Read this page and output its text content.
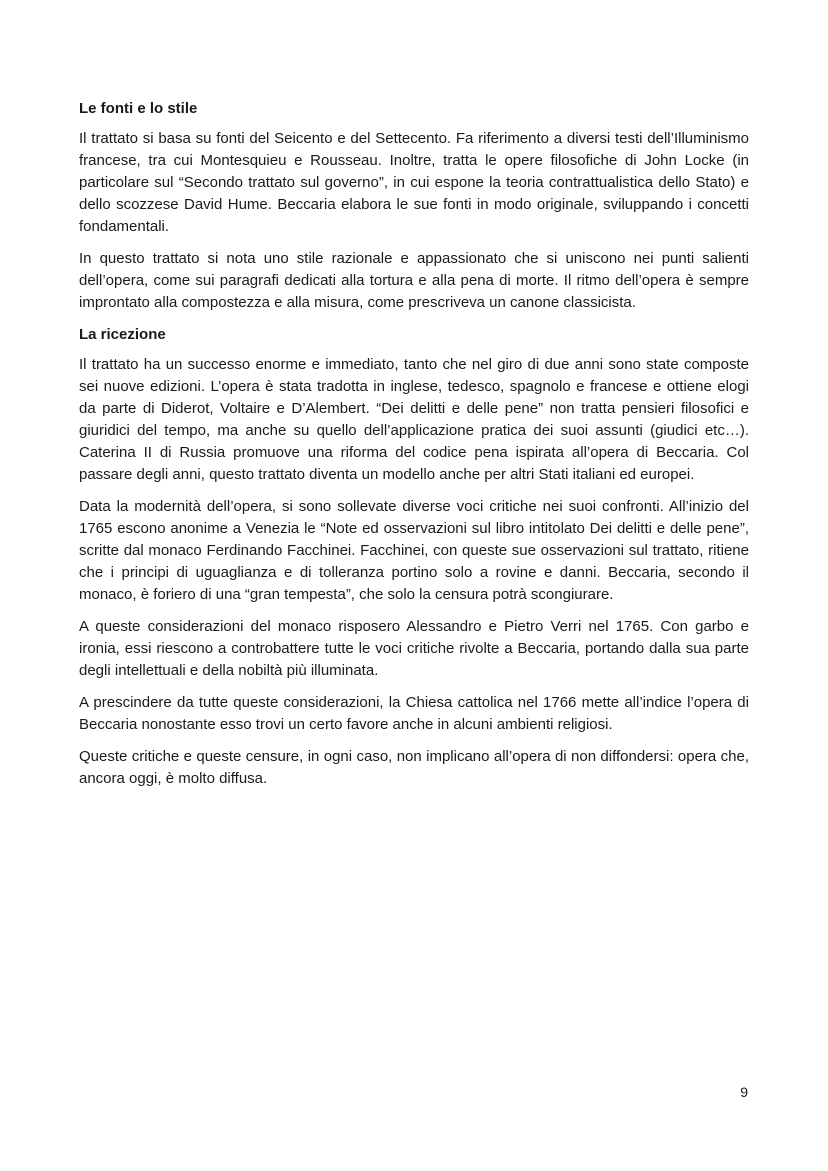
Le fonti e lo stile

Il trattato si basa su fonti del Seicento e del Settecento. Fa riferimento a diversi testi dell’Illuminismo francese, tra cui Montesquieu e Rousseau. Inoltre, tratta le opere filosofiche di John Locke (in particolare sul “Secondo trattato sul governo”, in cui espone la teoria contrattualistica dello Stato) e dello scozzese David Hume. Beccaria elabora le sue fonti in modo originale, sviluppando i concetti fondamentali.

In questo trattato si nota uno stile razionale e appassionato che si uniscono nei punti salienti dell’opera, come sui paragrafi dedicati alla tortura e alla pena di morte. Il ritmo dell’opera è sempre improntato alla compostezza e alla misura, come prescriveva un canone classicista.

La ricezione

Il trattato ha un successo enorme e immediato, tanto che nel giro di due anni sono state composte sei nuove edizioni. L’opera è stata tradotta in inglese, tedesco, spagnolo e francese e ottiene elogi da parte di Diderot, Voltaire e D’Alembert. “Dei delitti e delle pene” non tratta pensieri filosofici e giuridici del tempo, ma anche su quello dell’applicazione pratica dei suoi assunti (giudici etc…). Caterina II di Russia promuove una riforma del codice pena ispirata all’opera di Beccaria. Col passare degli anni, questo trattato diventa un modello anche per altri Stati italiani ed europei.

Data la modernità dell’opera, si sono sollevate diverse voci critiche nei suoi confronti. All’inizio del 1765 escono anonime a Venezia le “Note ed osservazioni sul libro intitolato Dei delitti e delle pene”, scritte dal monaco Ferdinando Facchinei. Facchinei, con queste sue osservazioni sul trattato, ritiene che i principi di uguaglianza e di tolleranza portino solo a rovine e danni. Beccaria, secondo il monaco, è foriero di una “gran tempesta”, che solo la censura potrà scongiurare.

A queste considerazioni del monaco risposero Alessandro e Pietro Verri nel 1765. Con garbo e ironia, essi riescono a controbattere tutte le voci critiche rivolte a Beccaria, portando dalla sua parte degli intellettuali e della nobiltà più illuminata.

A prescindere da tutte queste considerazioni, la Chiesa cattolica nel 1766 mette all’indice l’opera di Beccaria nonostante esso trovi un certo favore anche in alcuni ambienti religiosi.

Queste critiche e queste censure, in ogni caso, non implicano all’opera di non diffondersi: opera che, ancora oggi, è molto diffusa.

9
